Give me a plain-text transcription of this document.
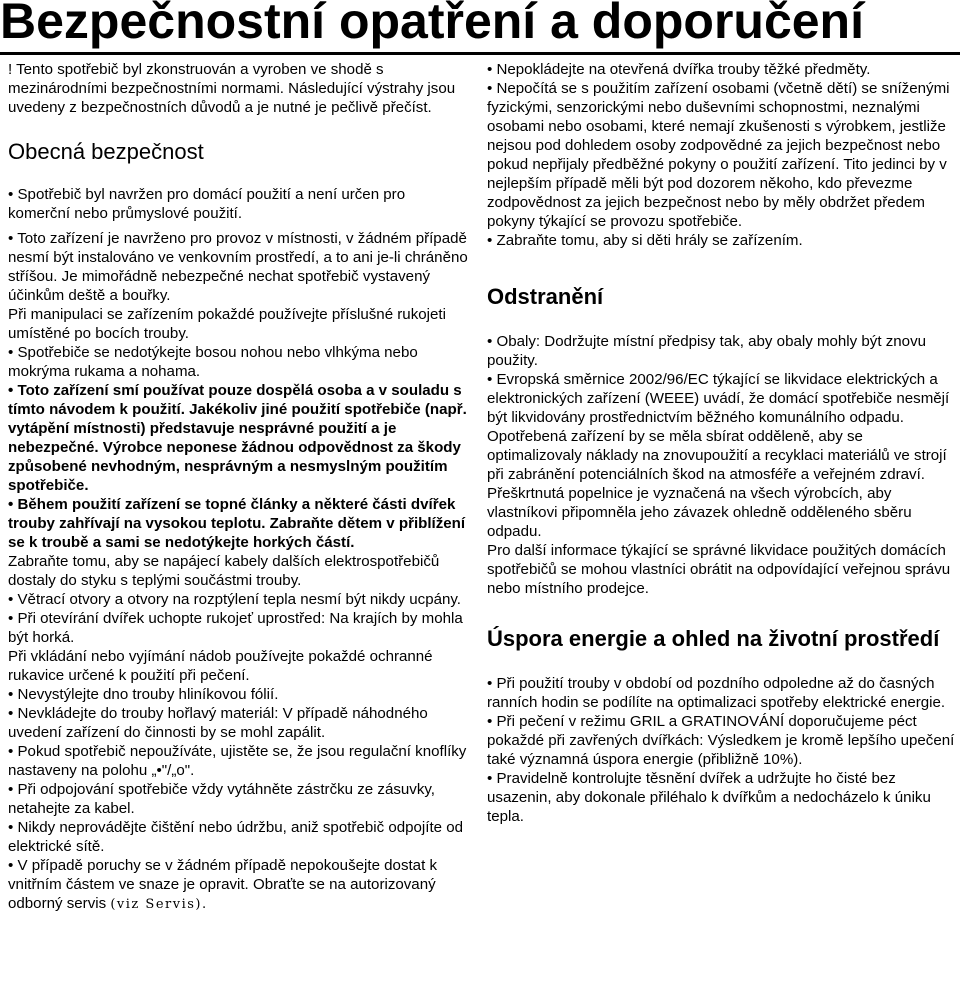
Bezpečnostní opatření a doporučení

! Tento spotřebič byl zkonstruován a vyroben ve shodě s mezinárodními bezpečnostními normami. Následující výstrahy jsou uvedeny z bezpečnostních důvodů a je nutné je pečlivě přečíst.

Obecná bezpečnost

• Spotřebič byl navržen pro domácí použití a není určen pro komerční nebo průmyslové použití.

• Toto zařízení je navrženo pro provoz v místnosti, v žádném případě nesmí být instalováno ve venkovním prostředí, a to ani je-li chráněno stříšou. Je mimořádně nebezpečné nechat spotřebič vystavený účinkům deště a bouřky.

Při manipulaci se zařízením pokaždé používejte příslušné rukojeti umístěné po bocích trouby.

• Spotřebiče se nedotýkejte bosou nohou nebo vlhkýma nebo mokrýma rukama a nohama.

• Toto zařízení smí používat pouze dospělá osoba a v souladu s tímto návodem k použití. Jakékoliv jiné použití spotřebiče (např. vytápění místnosti) představuje nesprávné použití a je nebezpečné. Výrobce neponese žádnou odpovědnost za škody způsobené nevhodným, nesprávným a nesmyslným použitím spotřebiče.

• Během použití zařízení se topné články a některé části dvířek trouby zahřívají na vysokou teplotu. Zabraňte dětem v přiblížení se k troubě a sami se nedotýkejte horkých částí.

Zabraňte tomu, aby se napájecí kabely dalších elektrospotřebičů dostaly do styku s teplými součástmi trouby.

• Větrací otvory a otvory na rozptýlení tepla nesmí být nikdy ucpány.

• Při otevírání dvířek uchopte rukojeť uprostřed: Na krajích by mohla být horká.

Při vkládání nebo vyjímání nádob používejte pokaždé ochranné rukavice určené k použití při pečení.

• Nevystýlejte dno trouby hliníkovou fólií.

• Nevkládejte do trouby hořlavý materiál: V případě náhodného uvedení zařízení do činnosti by se mohl zapálit.

• Pokud spotřebič nepoužíváte, ujistěte se, že jsou regulační knoflíky nastaveny na polohu „•"/„o".

• Při odpojování spotřebiče vždy vytáhněte zástrčku ze zásuvky, netahejte za kabel.

• Nikdy neprovádějte čištění nebo údržbu, aniž spotřebič odpojíte od elektrické sítě.

• V případě poruchy se v žádném případě nepokoušejte dostat k vnitřním částem ve snaze je opravit. Obraťte se na autorizovaný odborný servis (viz Servis).

• Nepokládejte na otevřená dvířka trouby těžké předměty.

• Nepočítá se s použitím zařízení osobami (včetně dětí) se sníženými fyzickými, senzorickými nebo duševními schopnostmi, neznalými osobami nebo osobami, které nemají zkušenosti s výrobkem, jestliže nejsou pod dohledem osoby zodpovědné za jejich bezpečnost nebo pokud nepřijaly předběžné pokyny o použití zařízení. Tito jedinci by v nejlepším případě měli být pod dozorem někoho, kdo převezme zodpovědnost za jejich bezpečnost nebo by měly obdržet předem pokyny týkající se provozu spotřebiče.

• Zabraňte tomu, aby si děti hrály se zařízením.

Odstranění

• Obaly: Dodržujte místní předpisy tak, aby obaly mohly být znovu použity.

• Evropská směrnice 2002/96/EC týkající se likvidace elektrických a elektronických zařízení (WEEE) uvádí, že domácí spotřebiče nesmějí být likvidovány prostřednictvím běžného komunálního odpadu. Opotřebená zařízení by se měla sbírat odděleně, aby se optimalizovaly náklady na znovupoužití a recyklaci materiálů ve strojí při zabránění potenciálních škod na atmosféře a veřejném zdraví.

Přeškrtnutá popelnice je vyznačená na všech výrobcích, aby vlastníkovi připomněla jeho závazek ohledně odděleného sběru odpadu.

Pro další informace týkající se správné likvidace použitých domácích spotřebičů se mohou vlastníci obrátit na odpovídající veřejnou správu nebo místního prodejce.

Úspora energie a ohled na životní prostředí

• Při použití trouby v období od pozdního odpoledne až do časných ranních hodin se podílíte na optimalizaci spotřeby elektrické energie.

• Při pečení v režimu GRIL a GRATINOVÁNÍ doporučujeme péct pokaždé při zavřených dvířkách: Výsledkem je kromě lepšího upečení také významná úspora energie (přibližně 10%).

• Pravidelně kontrolujte těsnění dvířek a udržujte ho čisté bez usazenin, aby dokonale přiléhalo k dvířkům a nedocházelo k úniku tepla.
